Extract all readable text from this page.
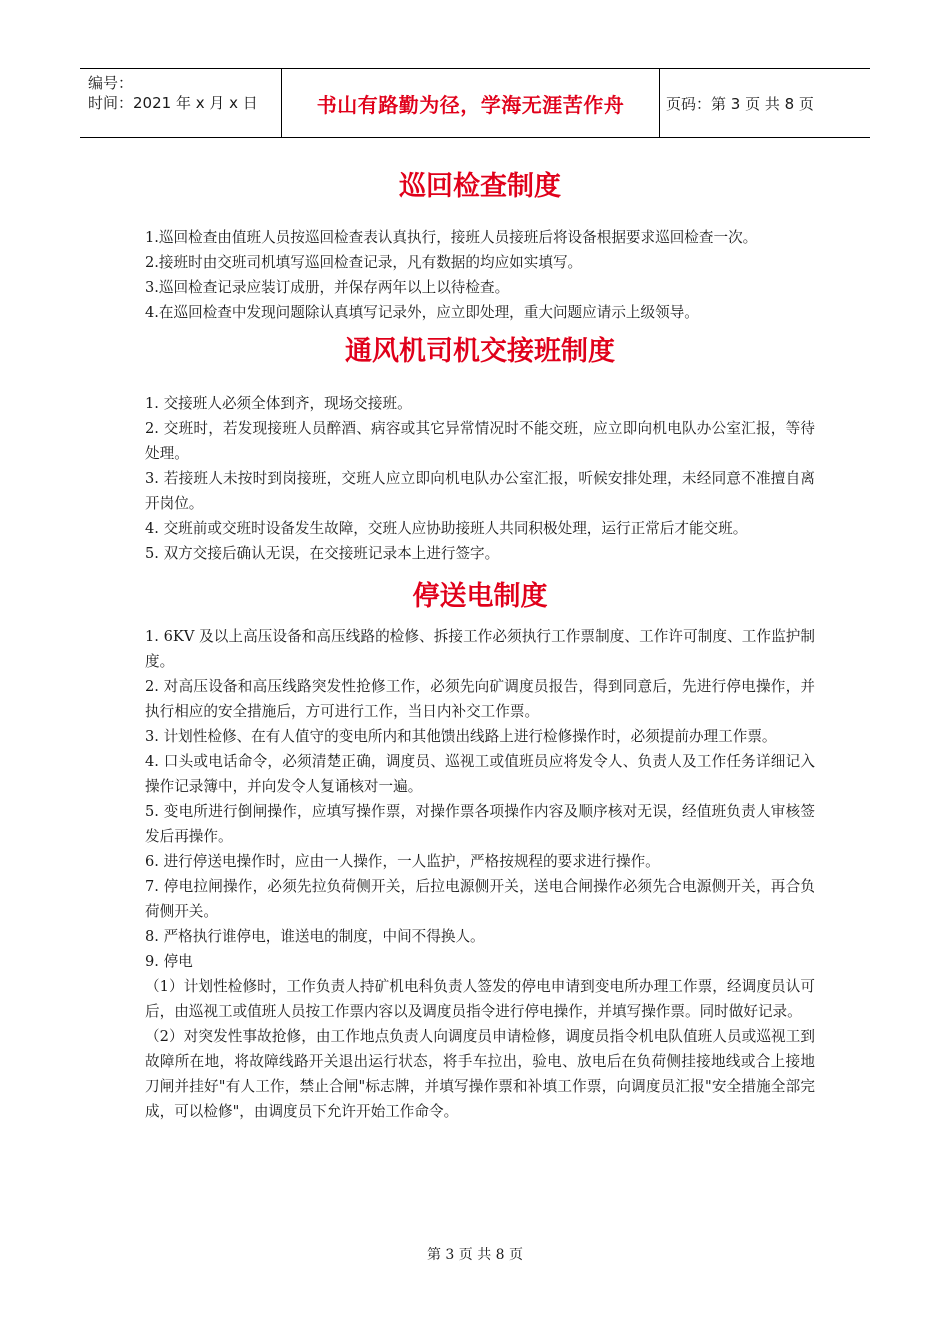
编号：
时间：2021 年 x 月 x 日	书山有路勤为径，学海无涯苦作舟	页码：第 3 页 共 8 页
巡回检查制度

1.巡回检查由值班人员按巡回检查表认真执行，接班人员接班后将设备根据要求巡回检查一次。

2.接班时由交班司机填写巡回检查记录，凡有数据的均应如实填写。

3.巡回检查记录应装订成册，并保存两年以上以待检查。

4.在巡回检查中发现问题除认真填写记录外，应立即处理，重大问题应请示上级领导。

通风机司机交接班制度

1. 交接班人必须全体到齐，现场交接班。

2. 交班时，若发现接班人员醉酒、病容或其它异常情况时不能交班，应立即向机电队办公室汇报，等待处理。

3. 若接班人未按时到岗接班，交班人应立即向机电队办公室汇报，听候安排处理，未经同意不准擅自离开岗位。

4. 交班前或交班时设备发生故障，交班人应协助接班人共同积极处理，运行正常后才能交班。

5. 双方交接后确认无误，在交接班记录本上进行签字。

停送电制度

1. 6KV 及以上高压设备和高压线路的检修、拆接工作必须执行工作票制度、工作许可制度、工作监护制度。

2. 对高压设备和高压线路突发性抢修工作，必须先向矿调度员报告，得到同意后，先进行停电操作，并执行相应的安全措施后，方可进行工作，当日内补交工作票。

3. 计划性检修、在有人值守的变电所内和其他馈出线路上进行检修操作时，必须提前办理工作票。

4. 口头或电话命令，必须清楚正确，调度员、巡视工或值班员应将发令人、负责人及工作任务详细记入操作记录簿中，并向发令人复诵核对一遍。

5. 变电所进行倒闸操作，应填写操作票，对操作票各项操作内容及顺序核对无误，经值班负责人审核签发后再操作。

6. 进行停送电操作时，应由一人操作，一人监护，严格按规程的要求进行操作。

7. 停电拉闸操作，必须先拉负荷侧开关，后拉电源侧开关，送电合闸操作必须先合电源侧开关，再合负荷侧开关。

8. 严格执行谁停电，谁送电的制度，中间不得换人。

9. 停电

（1）计划性检修时，工作负责人持矿机电科负责人签发的停电申请到变电所办理工作票，经调度员认可后，由巡视工或值班人员按工作票内容以及调度员指令进行停电操作，并填写操作票。同时做好记录。

（2）对突发性事故抢修，由工作地点负责人向调度员申请检修，调度员指令机电队值班人员或巡视工到故障所在地，将故障线路开关退出运行状态，将手车拉出，验电、放电后在负荷侧挂接地线或合上接地刀闸并挂好"有人工作，禁止合闸"标志牌，并填写操作票和补填工作票，向调度员汇报"安全措施全部完成，可以检修"，由调度员下允许开始工作命令。

第 3 页 共 8 页
